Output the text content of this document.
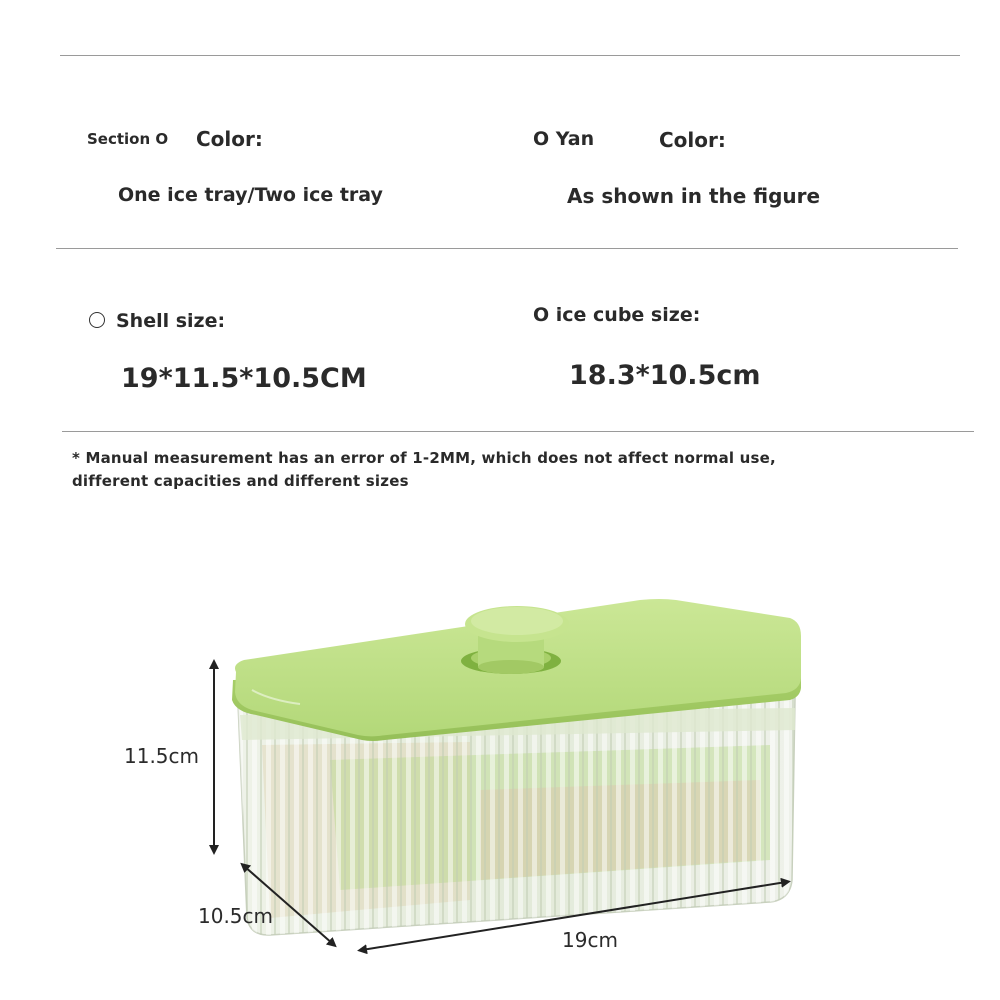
Section O Color:
One ice tray/Two ice tray
O Yan	Color:
As shown in the figure
Shell size:
19*11.5*10.5CM
O ice cube size:
18.3*10.5cm
* Manual measurement has an error of 1-2MM, which does not affect normal use,
different capacities and different sizes
11.5cm
10.5cm
19cm
